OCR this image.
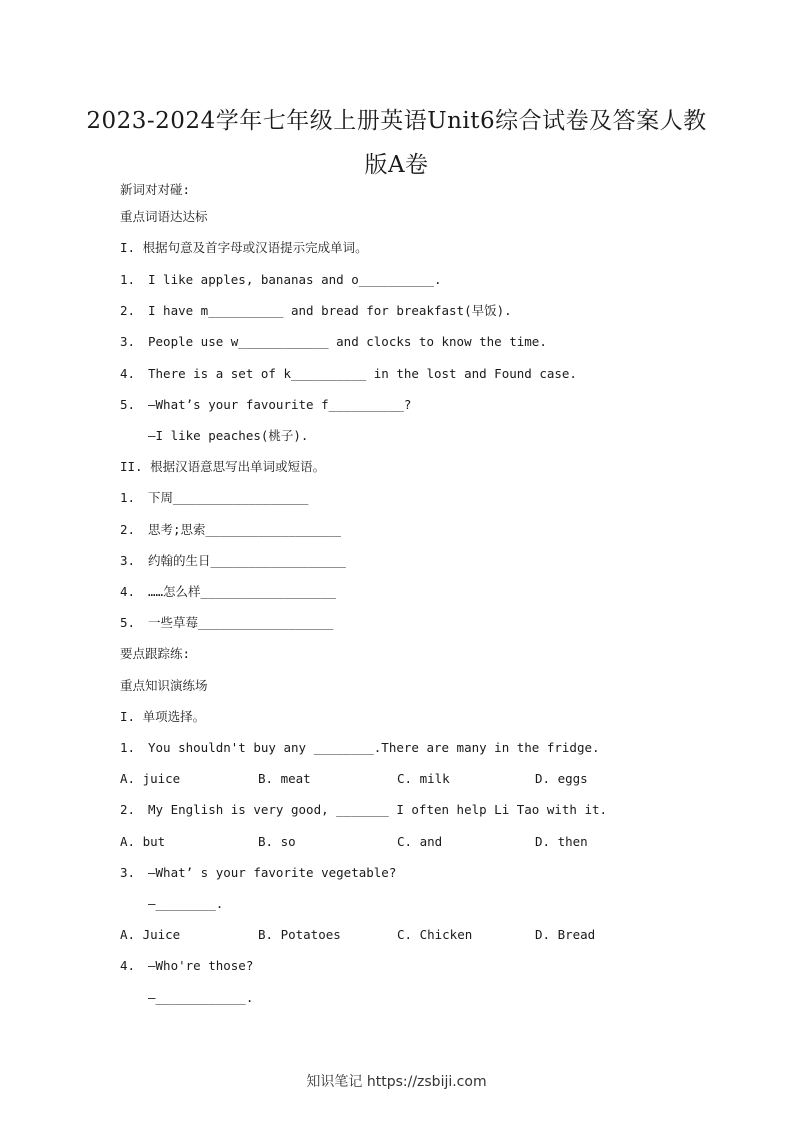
2023-2024学年七年级上册英语Unit6综合试卷及答案人教
版A卷
新词对对碰:
重点词语达达标
I. 根据句意及首字母或汉语提示完成单词。
1. I like apples, bananas and o__________.
2. I have m__________ and bread for breakfast(早饭).
3. People use w____________ and clocks to know the time.
4. There is a set of k__________ in the lost and Found case.
5. —What’s your favourite f__________?
—I like peaches(桃子).
II. 根据汉语意思写出单词或短语。
1. 下周__________________
2. 思考;思索__________________
3. 约翰的生日__________________
4. ……怎么样__________________
5. 一些草莓__________________
要点跟踪练:
重点知识演练场
I. 单项选择。
1. You shouldn't buy any ________.There are many in the fridge.
A. juice	B. meat	C. milk	D. eggs
2. My English is very good, _______ I often help Li Tao with it.
A. but	B. so	C. and	D. then
3. —What’ s your favorite vegetable?
—________.
A. Juice	B. Potatoes	C. Chicken	D. Bread
4. —Who're those?
—____________.
知识笔记 https://zsbiji.com
